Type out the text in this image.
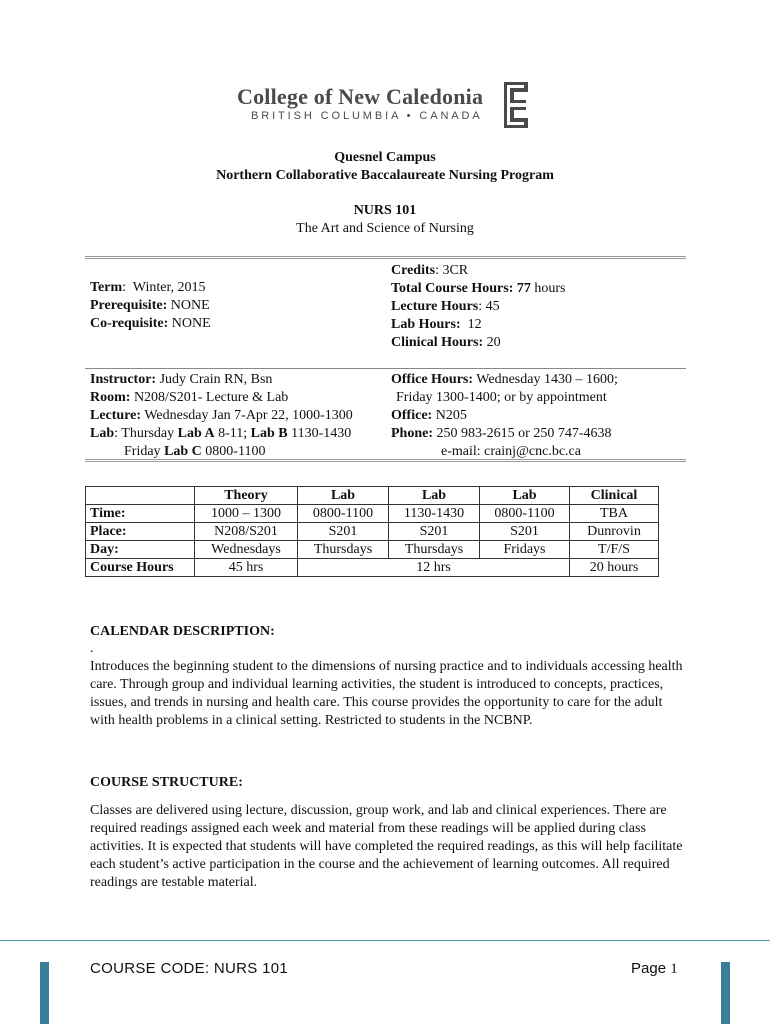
College of New Caledonia
BRITISH COLUMBIA • CANADA
Quesnel Campus
Northern Collaborative Baccalaureate Nursing Program
NURS 101
The Art and Science of Nursing
Term:  Winter, 2015
Prerequisite: NONE
Co-requisite: NONE
Credits: 3CR
Total Course Hours: 77 hours
Lecture Hours: 45
Lab Hours: 12
Clinical Hours: 20
Instructor: Judy Crain RN, Bsn
Room: N208/S201- Lecture & Lab
Lecture: Wednesday Jan 7-Apr 22, 1000-1300
Lab: Thursday Lab A 8-11; Lab B 1130-1430
Friday Lab C 0800-1100
Office Hours: Wednesday 1430 – 1600;
Friday 1300-1400; or by appointment
Office: N205
Phone: 250 983-2615 or 250 747-4638
e-mail: crainj@cnc.bc.ca
	Theory	Lab	Lab	Lab	Clinical
Time:	1000 – 1300	0800-1100	1130-1430	0800-1100	TBA
Place:	N208/S201	S201	S201	S201	Dunrovin
Day:	Wednesdays	Thursdays	Thursdays	Fridays	T/F/S
Course Hours	45 hrs	12 hrs			20 hours
CALENDAR DESCRIPTION:
.
Introduces the beginning student to the dimensions of nursing practice and to individuals accessing health care. Through group and individual learning activities, the student is introduced to concepts, practices, issues, and trends in nursing and health care. This course provides the opportunity to care for the adult with health problems in a clinical setting. Restricted to students in the NCBNP.
COURSE STRUCTURE:
Classes are delivered using lecture, discussion, group work, and lab and clinical experiences. There are required readings assigned each week and material from these readings will be applied during class activities. It is expected that students will have completed the required readings, as this will help facilitate each student’s active participation in the course and the achievement of learning outcomes. All required readings are testable material.
COURSE CODE: NURS 101	Page 1
